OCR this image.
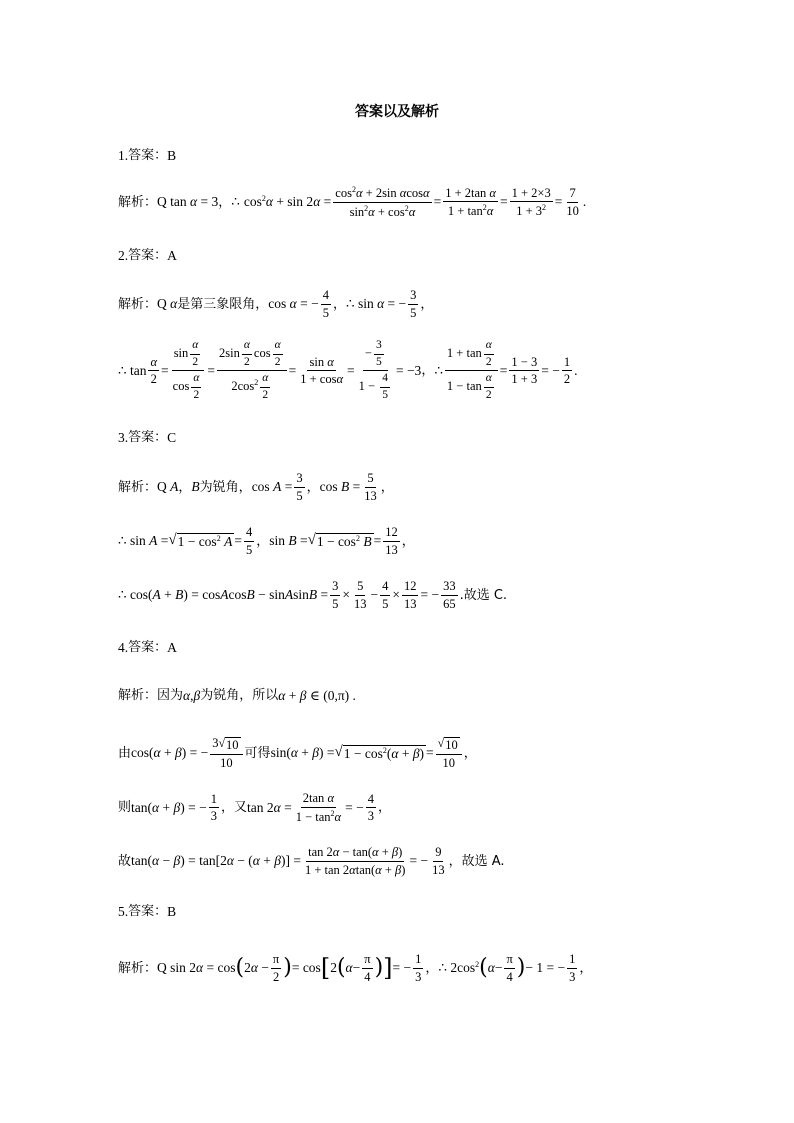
答案以及解析
1. 答案： B
解析： Q tan α = 3 ， ∴ $\cos^2\alpha + \sin 2\alpha = \frac{\cos^2\alpha + 2\sin \alpha\cos\alpha}{\sin^2\alpha + \cos^2\alpha} = \frac{\text{1 + 2tan α}}{1 + \tan^2\alpha} = \frac{1 + 2\times 3}{1 + 3^2} = \frac{7}{10}$ .
2. 答案： A
解析： Q α 是第三象限角 ， cos α = − $\frac{4}{5}$ ， ∴ sin α = − $\frac{3}{5}$ ，
∴ $\tan \frac{\alpha}{2} = \frac{\sin \frac{\alpha}{2}}{\cos \frac{\alpha}{2}} = \frac{2\sin \frac{\alpha}{2} \cos \frac{\alpha}{2}}{2\cos^2 \frac{\alpha}{2}} = \frac{\text{sin α}}{1 + \cos\alpha} = \frac{- \frac{3}{5}}{1 - \frac{4}{5}} = -3$ ， ∴ $\frac{1 + \tan \frac{\alpha}{2}}{1 - \tan \frac{\alpha}{2}} = \frac{1 - 3}{1 + 3}$ = − $\frac{1}{2}$ .
3. 答案： C
解析： Q A ， B 为锐角 ， $\cos A = \frac{3}{5}$ ， $\cos B = \frac{5}{13}$ ，
∴ sin A = √ $1 - \cos^2 A = \frac{4}{5}$ ， sin B = √ $1 - \cos^2 B = \frac{12}{13}$ ，
∴ cos(A + B) = cosAcosB − sinAsinB = $\frac{3}{5} \times \frac{5}{13} - \frac{4}{5} \times \frac{12}{13}$ = − $\frac{33}{65}$ .故选 C.
4. 答案： A
解析： 因为 α , β 为锐角，所以 α + β ∈ (0,π) .
由 cos(α + β) = − $\frac{3 √ 10}{10}$ 可得 sin(α + β) = √ $1 - \cos^2(\alpha + \beta) = \frac{√ 10}{10}$ ，
则 tan(α + β) = − $\frac{1}{3}$ ， 又 $\tan 2\alpha = \frac{\text{2tan α}}{1 - \tan^2\alpha}$ = − $\frac{4}{3}$ ，
故 $\tan(\alpha - \beta) = \tan[2\alpha - (\alpha + \beta)] = \frac{\tan 2\alpha - \tan(\alpha + \beta)}{1 + \tan 2\alpha\tan(\alpha + \beta)}$ = − $\frac{9}{13}$ ，故选 A.
5. 答案： B
解析： Q sin 2α = cos ( $2\alpha - \frac{\pi}{2}$ ) = cos [ 2 ( $\alpha - \frac{\pi}{4}$ ) ] = − $\frac{1}{3}$ ， ∴ $2\cos^2$ ( $\alpha - \frac{\pi}{4}$ ) − 1 = − $\frac{1}{3}$ ，
